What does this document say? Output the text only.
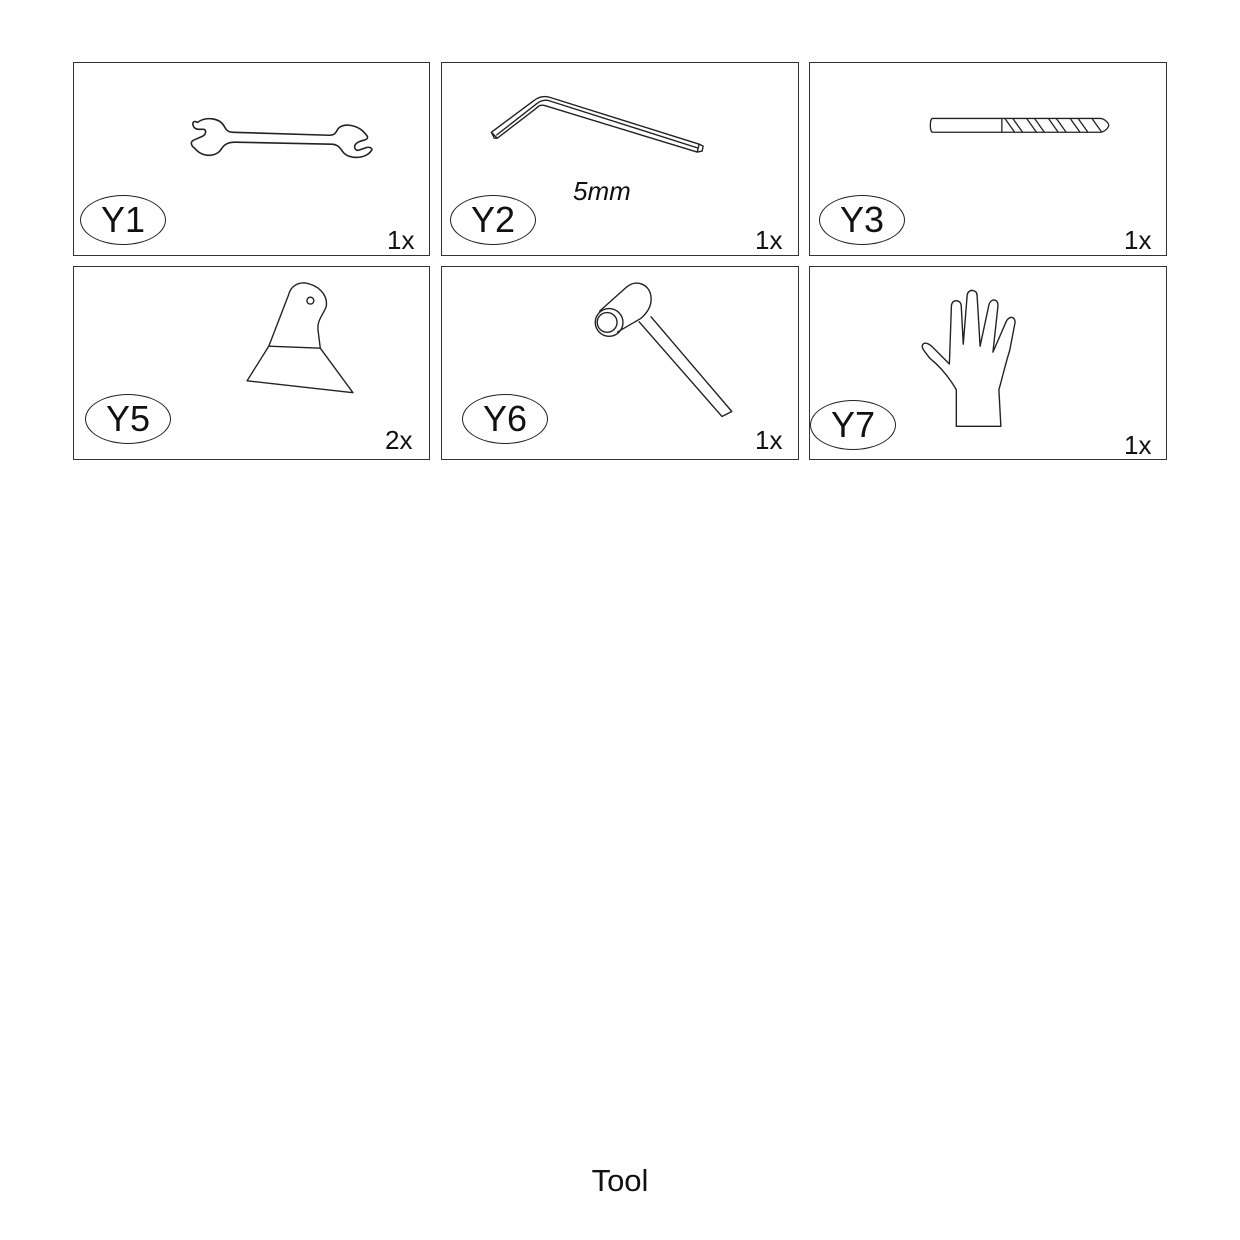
Y1	1x
5mm
Y2	1x	Y3	1x
Y5
2x
Y6
1x	Y7	1x
Tool
